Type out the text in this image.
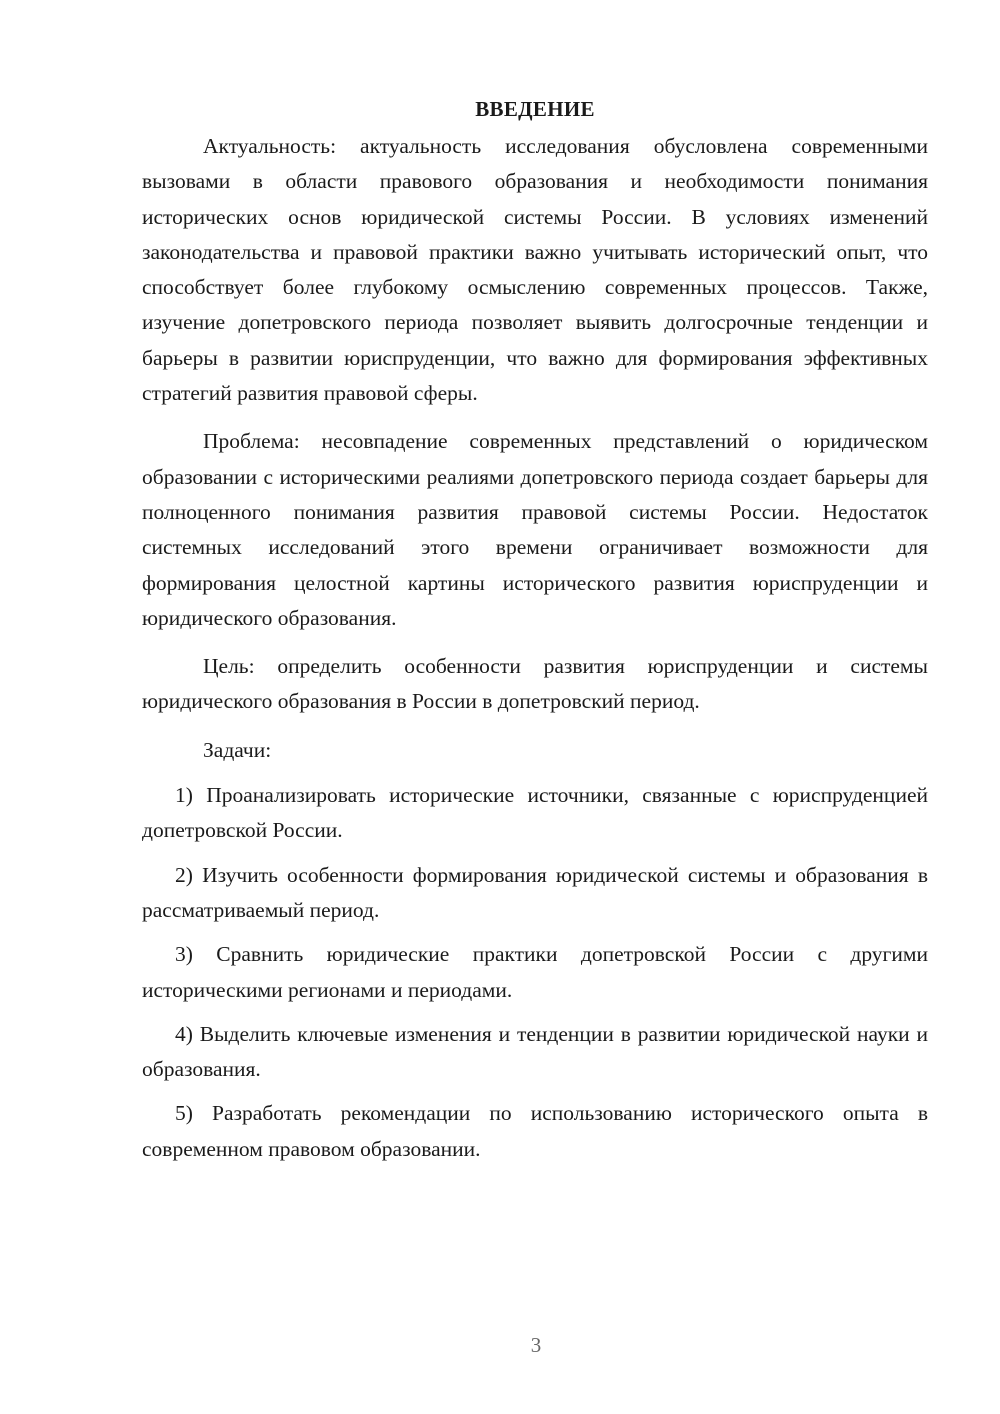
ВВЕДЕНИЕ

Актуальность: актуальность исследования обусловлена современными вызовами в области правового образования и необходимости понимания исторических основ юридической системы России. В условиях изменений законодательства и правовой практики важно учитывать исторический опыт, что способствует более глубокому осмыслению современных процессов. Также, изучение допетровского периода позволяет выявить долгосрочные тенденции и барьеры в развитии юриспруденции, что важно для формирования эффективных стратегий развития правовой сферы.

Проблема: несовпадение современных представлений о юридическом образовании с историческими реалиями допетровского периода создает барьеры для полноценного понимания развития правовой системы России. Недостаток системных исследований этого времени ограничивает возможности для формирования целостной картины исторического развития юриспруденции и юридического образования.

Цель: определить особенности развития юриспруденции и системы юридического образования в России в допетровский период.

Задачи:

1) Проанализировать исторические источники, связанные с юриспруденцией допетровской России.

2) Изучить особенности формирования юридической системы и образования в рассматриваемый период.

3) Сравнить юридические практики допетровской России с другими историческими регионами и периодами.

4) Выделить ключевые изменения и тенденции в развитии юридической науки и образования.

5) Разработать рекомендации по использованию исторического опыта в современном правовом образовании.

3
